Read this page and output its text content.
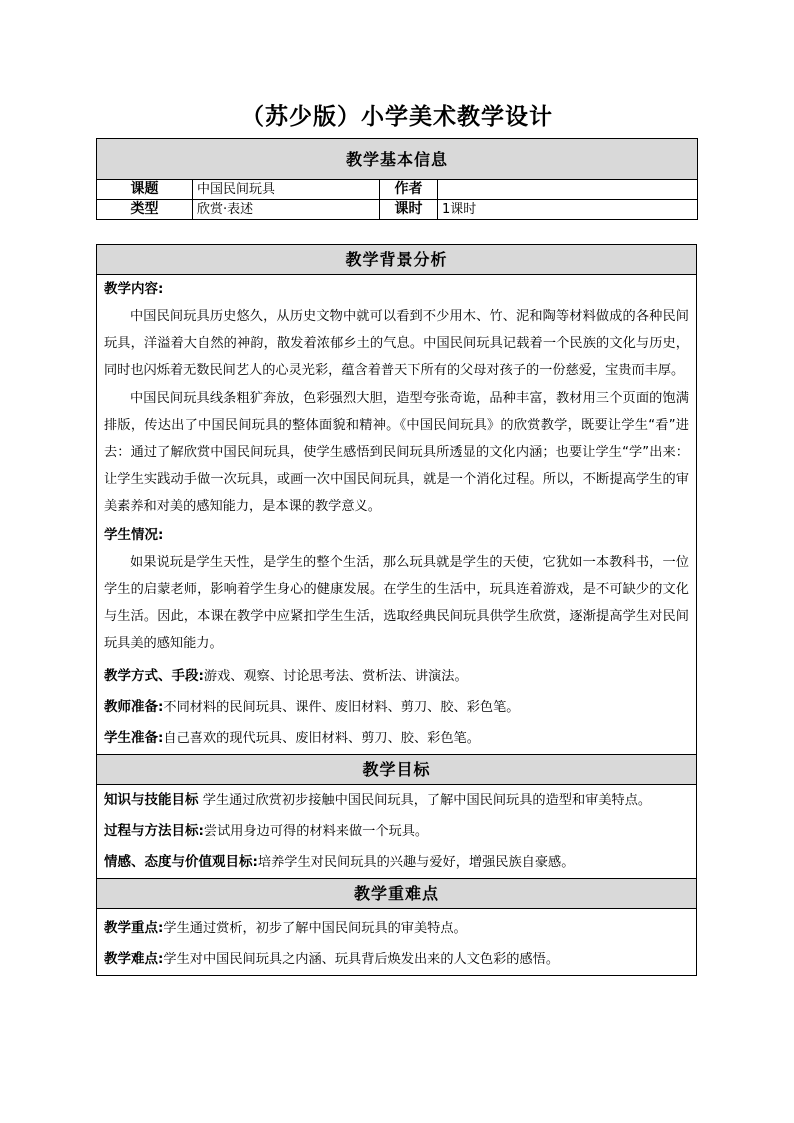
（苏少版）小学美术教学设计
教学基本信息			
课题	中国民间玩具	作者	
类型	欣赏·表述	课时	1课时
教学背景分析
教学内容:

中国民间玩具历史悠久，从历史文物中就可以看到不少用木、竹、泥和陶等材料做成的各种民间玩具，洋溢着大自然的神韵，散发着浓郁乡土的气息。中国民间玩具记载着一个民族的文化与历史，同时也闪烁着无数民间艺人的心灵光彩，蕴含着普天下所有的父母对孩子的一份慈爱，宝贵而丰厚。

中国民间玩具线条粗犷奔放，色彩强烈大胆，造型夸张奇诡，品种丰富，教材用三个页面的饱满排版，传达出了中国民间玩具的整体面貌和精神。《中国民间玩具》的欣赏教学，既要让学生“看”进去：通过了解欣赏中国民间玩具，使学生感悟到民间玩具所透显的文化内涵；也要让学生“学”出来：让学生实践动手做一次玩具，或画一次中国民间玩具，就是一个消化过程。所以，不断提高学生的审美素养和对美的感知能力，是本课的教学意义。

学生情况:

如果说玩是学生天性，是学生的整个生活，那么玩具就是学生的天使，它犹如一本教科书，一位学生的启蒙老师，影响着学生身心的健康发展。在学生的生活中，玩具连着游戏，是不可缺少的文化与生活。因此，本课在教学中应紧扣学生生活，选取经典民间玩具供学生欣赏，逐渐提高学生对民间玩具美的感知能力。

教学方式、手段:游戏、观察、讨论思考法、赏析法、讲演法。

教师准备:不同材料的民间玩具、课件、废旧材料、剪刀、胶、彩色笔。

学生准备:自己喜欢的现代玩具、废旧材料、剪刀、胶、彩色笔。

教学目标

知识与技能目标 学生通过欣赏初步接触中国民间玩具，了解中国民间玩具的造型和审美特点。

过程与方法目标:尝试用身边可得的材料来做一个玩具。

情感、态度与价值观目标:培养学生对民间玩具的兴趣与爱好，增强民族自豪感。

教学重难点

教学重点:学生通过赏析，初步了解中国民间玩具的审美特点。

教学难点:学生对中国民间玩具之内涵、玩具背后焕发出来的人文色彩的感悟。
